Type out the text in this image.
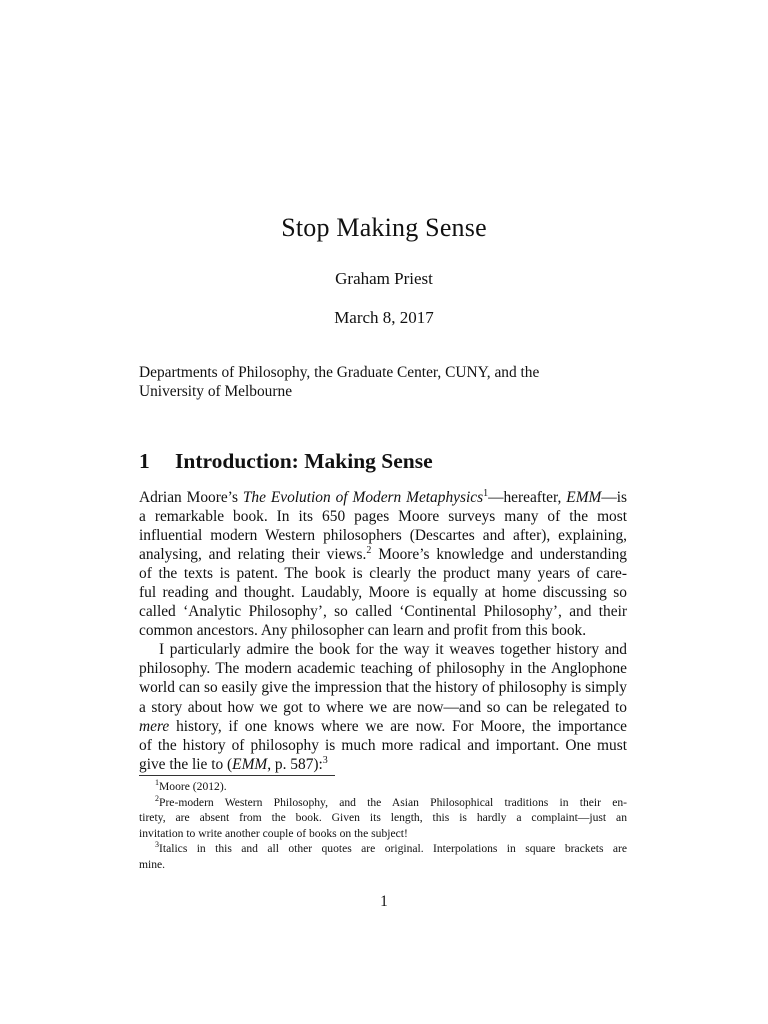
Stop Making Sense
Graham Priest
March 8, 2017
Departments of Philosophy, the Graduate Center, CUNY, and the
University of Melbourne
1 Introduction: Making Sense

Adrian Moore’s The Evolution of Modern Metaphysics$^1$—hereafter, EMM—is
a remarkable book. In its 650 pages Moore surveys many of the most
influential modern Western philosophers (Descartes and after), explaining,
analysing, and relating their views.$^2$ Moore’s knowledge and understanding
of the texts is patent. The book is clearly the product many years of care-
ful reading and thought. Laudably, Moore is equally at home discussing so
called ‘Analytic Philosophy’, so called ‘Continental Philosophy’, and their
common ancestors. Any philosopher can learn and profit from this book.

I particularly admire the book for the way it weaves together history and
philosophy. The modern academic teaching of philosophy in the Anglophone
world can so easily give the impression that the history of philosophy is simply
a story about how we got to where we are now—and so can be relegated to
mere history, if one knows where we are now. For Moore, the importance
of the history of philosophy is much more radical and important. One must
give the lie to (EMM, p. 587):$^3$

$^1$Moore (2012).
$^2$Pre-modern Western Philosophy, and the Asian Philosophical traditions in their en-
tirety, are absent from the book. Given its length, this is hardly a complaint—just an
invitation to write another couple of books on the subject!
$^3$Italics in this and all other quotes are original. Interpolations in square brackets are
mine.
1
